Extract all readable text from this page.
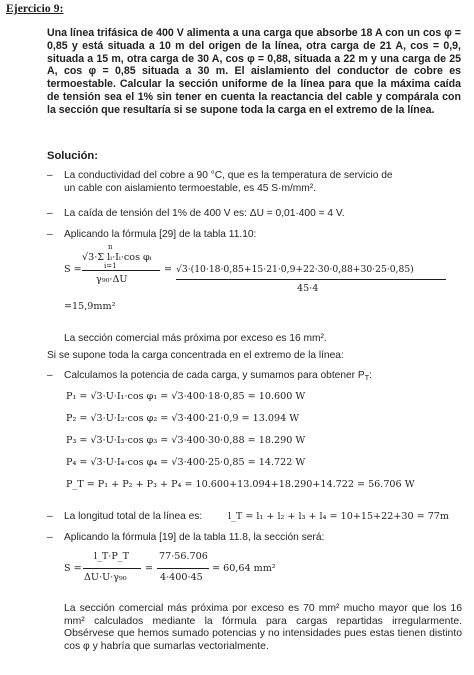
Ejercicio 9:
Una línea trifásica de 400 V alimenta a una carga que absorbe 18 A con un cos φ = 0,85 y está situada a 10 m del origen de la línea, otra carga de 21 A, cos = 0,9, situada a 15 m, otra carga de 30 A, cos φ = 0,88, situada a 22 m y una carga de 25 A, cos φ = 0,85 situada a 30 m. El aislamiento del conductor de cobre es termoestable. Calcular la sección uniforme de la línea para que la máxima caída de tensión sea el 1% sin tener en cuenta la reactancia del cable y compárala con la sección que resultaría si se supone toda la carga en el extremo de la línea.
Solución:
– La conductividad del cobre a 90 °C, que es la temperatura de servicio de
un cable con aislamiento termoestable, es 45 S·m/mm².
– La caída de tensión del 1% de 400 V es: ΔU = 0,01·400 = 4 V.
– Aplicando la fórmula [29] de la tabla 11.10:
S =
n
i=1
√3·Σ lᵢ·Iᵢ·cos φᵢ
γ₉₀·ΔU
= √3·(10·18·0,85+15·21·0,9+22·30·0,88+30·25·0,85)
45·4
=15,9mm²
La sección comercial más próxima por exceso es 16 mm².
Si se supone toda la carga concentrada en el extremo de la línea:
– Calculamos la potencia de cada carga, y sumamos para obtener $P_T$:
P₁ = √3·U·I₁·cos φ₁ = √3·400·18·0,85 = 10.600 W
P₂ = √3·U·I₂·cos φ₂ = √3·400·21·0,9 = 13.094 W
P₃ = √3·U·I₃·cos φ₃ = √3·400·30·0,88 = 18.290 W
P₄ = √3·U·I₄·cos φ₄ = √3·400·25·0,85 = 14.722 W
P_T = P₁ + P₂ + P₃ + P₄ = 10.600+13.094+18.290+14.722 = 56.706 W
– La longitud total de la línea es:	l_T = l₁ + l₂ + l₃ + l₄ = 10+15+22+30 = 77m
– Aplicando la fórmula [19] de la tabla 11.8, la sección será:
S =
l_T·P_T
ΔU·U·γ₉₀
=
77·56.706
4·400·45
= 60,64 mm²
La sección comercial más próxima por exceso es 70 mm² mucho mayor que los 16 mm² calculados mediante la fórmula para cargas repartidas irregularmente. Obsérvese que hemos sumado potencias y no intensidades pues estas tienen distinto cos φ y habría que sumarlas vectorialmente.
